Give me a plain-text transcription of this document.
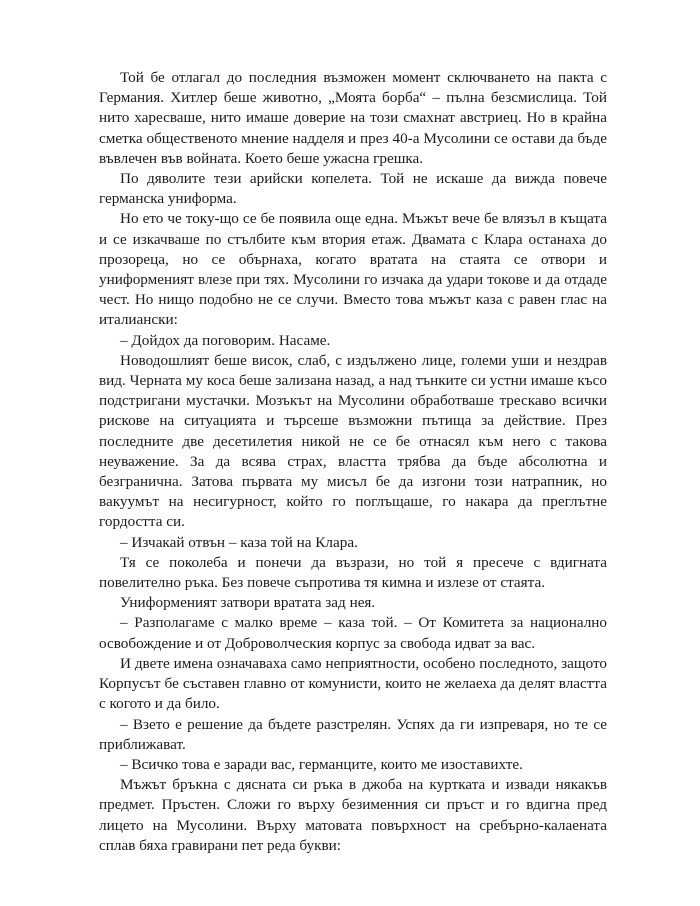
Той бе отлагал до последния възможен момент сключването на пакта с Германия. Хитлер беше животно, „Моята борба“ – пълна безсмислица. Той нито харесваше, нито имаше доверие на този смахнат австриец. Но в крайна сметка общественото мнение надделя и през 40-а Мусолини се остави да бъде въвлечен във войната. Което беше ужасна грешка.

По дяволите тези арийски копелета. Той не искаше да вижда повече германска униформа.

Но ето че току-що се бе появила още една. Мъжът вече бе влязъл в къщата и се изкачваше по стълбите към втория етаж. Двамата с Клара останаха до прозореца, но се обърнаха, когато вратата на стаята се отвори и униформеният влезе при тях. Мусолини го изчака да удари токове и да отдаде чест. Но нищо подобно не се случи. Вместо това мъжът каза с равен глас на италиански:

– Дойдох да поговорим. Насаме.

Новодошлият беше висок, слаб, с издължено лице, големи уши и нездрав вид. Черната му коса беше зализана назад, а над тънките си устни имаше късо подстригани мустачки. Мозъкът на Мусолини обработваше трескаво всички рискове на ситуацията и търсеше възможни пътища за действие. През последните две десетилетия никой не се бе отнасял към него с такова неуважение. За да всява страх, властта трябва да бъде абсолютна и безгранична. Затова първата му мисъл бе да изгони този натрапник, но вакуумът на несигурност, който го поглъщаше, го накара да преглътне гордостта си.

– Изчакай отвън – каза той на Клара.

Тя се поколеба и понечи да възрази, но той я пресече с вдигната повелително ръка. Без повече съпротива тя кимна и излезе от стаята.

Униформеният затвори вратата зад нея.

– Разполагаме с малко време – каза той. – От Комитета за национално освобождение и от Доброволческия корпус за свобода идват за вас.

И двете имена означаваха само неприятности, особено последното, защото Корпусът бе съставен главно от комунисти, които не желаеха да делят властта с когото и да било.

– Взето е решение да бъдете разстрелян. Успях да ги изпреваря, но те се приближават.

– Всичко това е заради вас, германците, които ме изоставихте.

Мъжът бръкна с дясната си ръка в джоба на куртката и извади някакъв предмет. Пръстен. Сложи го върху безименния си пръст и го вдигна пред лицето на Мусолини. Върху матовата повърхност на сребърно-калаената сплав бяха гравирани пет реда букви:
